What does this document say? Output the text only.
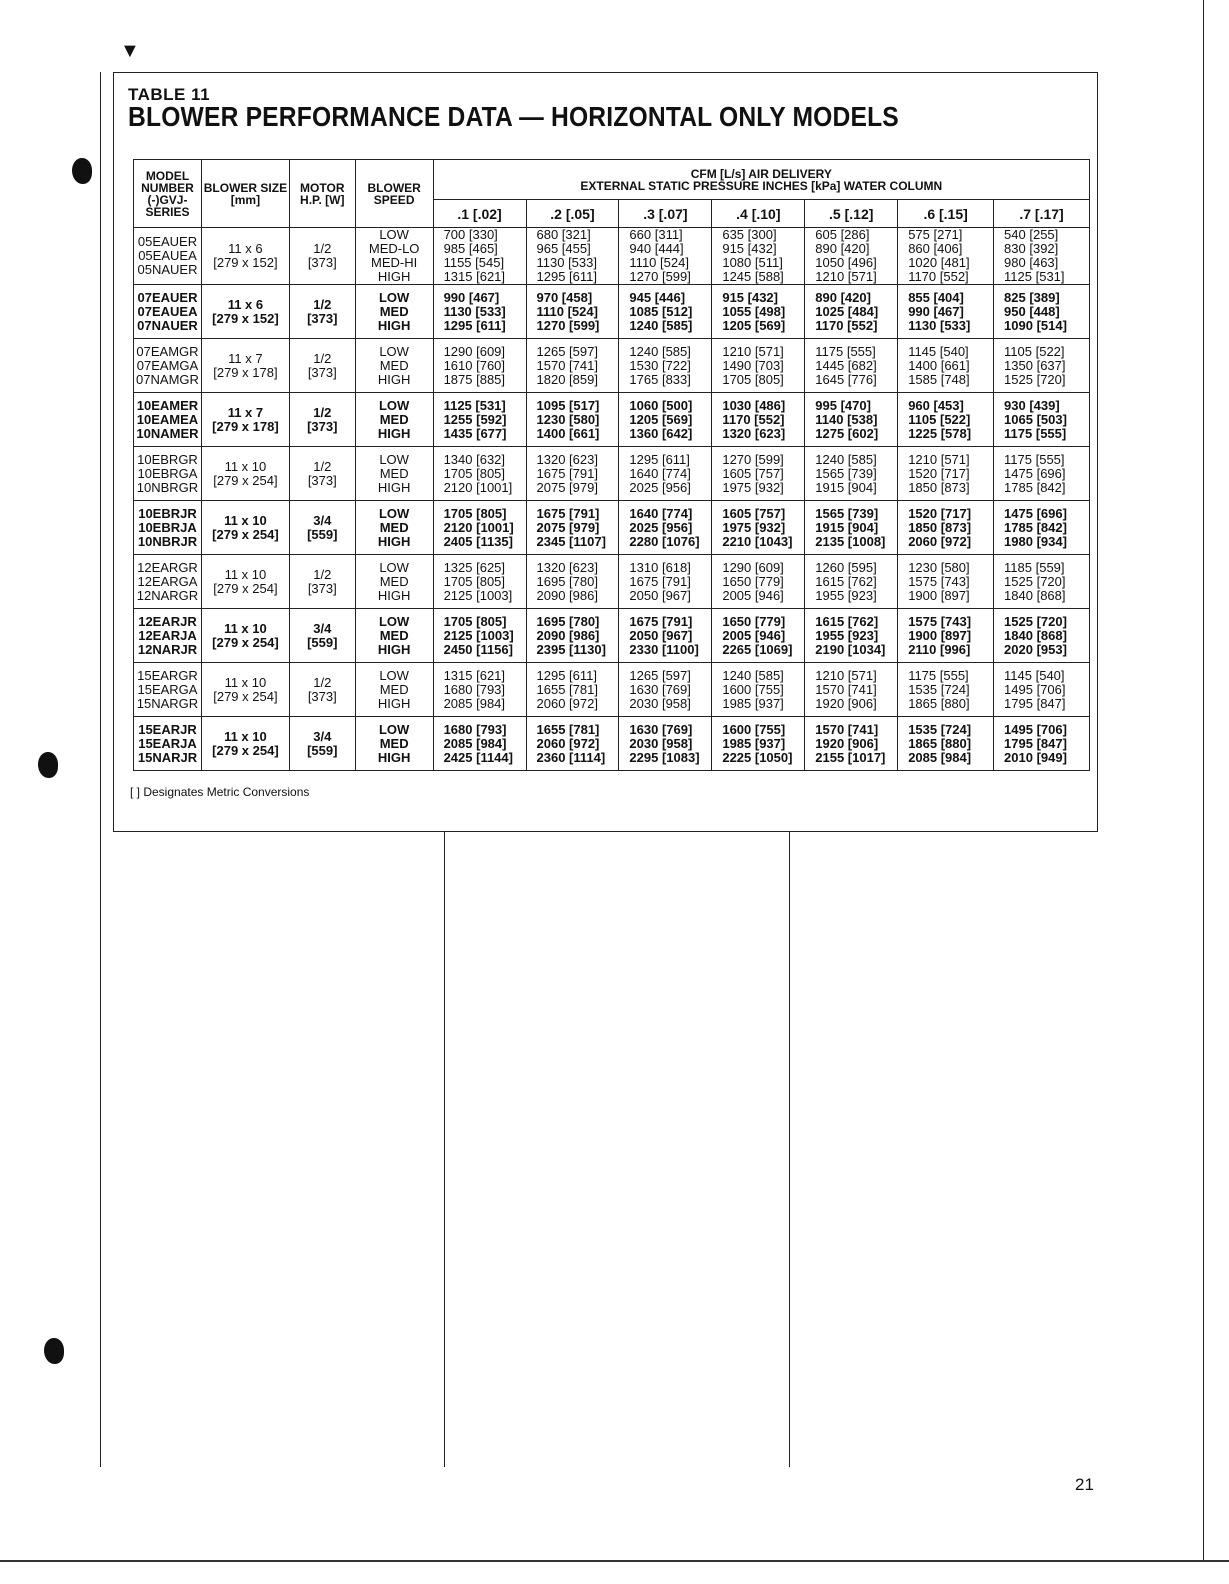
▼
TABLE 11
BLOWER PERFORMANCE DATA — HORIZONTAL ONLY MODELS
MODEL NUMBER (-)GVJ- SERIES	BLOWER SIZE [mm]	MOTOR H.P. [W]	BLOWER SPEED	CFM [L/s] AIR DELIVERY
EXTERNAL STATIC PRESSURE INCHES [kPa] WATER COLUMN						

				.1 [.02]	.2 [.05]	.3 [.07]	.4 [.10]	.5 [.12]	.6 [.15]	.7 [.17]

05EAUER
05EAUEA
05NAUER	11 x 6
[279 x 152]	1/2
[373]	LOW
MED-LO
MED-HI
HIGH	700 [330]
985 [465]
1155 [545]
1315 [621]	680 [321]
965 [455]
1130 [533]
1295 [611]	660 [311]
940 [444]
1110 [524]
1270 [599]	635 [300]
915 [432]
1080 [511]
1245 [588]	605 [286]
890 [420]
1050 [496]
1210 [571]	575 [271]
860 [406]
1020 [481]
1170 [552]	540 [255]
830 [392]
980 [463]
1125 [531]

07EAUER
07EAUEA
07NAUER	11 x 6
[279 x 152]	1/2
[373]	LOW
MED
HIGH	990 [467]
1130 [533]
1295 [611]	970 [458]
1110 [524]
1270 [599]	945 [446]
1085 [512]
1240 [585]	915 [432]
1055 [498]
1205 [569]	890 [420]
1025 [484]
1170 [552]	855 [404]
990 [467]
1130 [533]	825 [389]
950 [448]
1090 [514]

07EAMGR
07EAMGA
07NAMGR	11 x 7
[279 x 178]	1/2
[373]	LOW
MED
HIGH	1290 [609]
1610 [760]
1875 [885]	1265 [597]
1570 [741]
1820 [859]	1240 [585]
1530 [722]
1765 [833]	1210 [571]
1490 [703]
1705 [805]	1175 [555]
1445 [682]
1645 [776]	1145 [540]
1400 [661]
1585 [748]	1105 [522]
1350 [637]
1525 [720]

10EAMER
10EAMEA
10NAMER	11 x 7
[279 x 178]	1/2
[373]	LOW
MED
HIGH	1125 [531]
1255 [592]
1435 [677]	1095 [517]
1230 [580]
1400 [661]	1060 [500]
1205 [569]
1360 [642]	1030 [486]
1170 [552]
1320 [623]	995 [470]
1140 [538]
1275 [602]	960 [453]
1105 [522]
1225 [578]	930 [439]
1065 [503]
1175 [555]

10EBRGR
10EBRGA
10NBRGR	11 x 10
[279 x 254]	1/2
[373]	LOW
MED
HIGH	1340 [632]
1705 [805]
2120 [1001]	1320 [623]
1675 [791]
2075 [979]	1295 [611]
1640 [774]
2025 [956]	1270 [599]
1605 [757]
1975 [932]	1240 [585]
1565 [739]
1915 [904]	1210 [571]
1520 [717]
1850 [873]	1175 [555]
1475 [696]
1785 [842]

10EBRJR
10EBRJA
10NBRJR	11 x 10
[279 x 254]	3/4
[559]	LOW
MED
HIGH	1705 [805]
2120 [1001]
2405 [1135]	1675 [791]
2075 [979]
2345 [1107]	1640 [774]
2025 [956]
2280 [1076]	1605 [757]
1975 [932]
2210 [1043]	1565 [739]
1915 [904]
2135 [1008]	1520 [717]
1850 [873]
2060 [972]	1475 [696]
1785 [842]
1980 [934]

12EARGR
12EARGA
12NARGR	11 x 10
[279 x 254]	1/2
[373]	LOW
MED
HIGH	1325 [625]
1705 [805]
2125 [1003]	1320 [623]
1695 [780]
2090 [986]	1310 [618]
1675 [791]
2050 [967]	1290 [609]
1650 [779]
2005 [946]	1260 [595]
1615 [762]
1955 [923]	1230 [580]
1575 [743]
1900 [897]	1185 [559]
1525 [720]
1840 [868]

12EARJR
12EARJA
12NARJR	11 x 10
[279 x 254]	3/4
[559]	LOW
MED
HIGH	1705 [805]
2125 [1003]
2450 [1156]	1695 [780]
2090 [986]
2395 [1130]	1675 [791]
2050 [967]
2330 [1100]	1650 [779]
2005 [946]
2265 [1069]	1615 [762]
1955 [923]
2190 [1034]	1575 [743]
1900 [897]
2110 [996]	1525 [720]
1840 [868]
2020 [953]

15EARGR
15EARGA
15NARGR	11 x 10
[279 x 254]	1/2
[373]	LOW
MED
HIGH	1315 [621]
1680 [793]
2085 [984]	1295 [611]
1655 [781]
2060 [972]	1265 [597]
1630 [769]
2030 [958]	1240 [585]
1600 [755]
1985 [937]	1210 [571]
1570 [741]
1920 [906]	1175 [555]
1535 [724]
1865 [880]	1145 [540]
1495 [706]
1795 [847]

15EARJR
15EARJA
15NARJR	11 x 10
[279 x 254]	3/4
[559]	LOW
MED
HIGH	1680 [793]
2085 [984]
2425 [1144]	1655 [781]
2060 [972]
2360 [1114]	1630 [769]
2030 [958]
2295 [1083]	1600 [755]
1985 [937]
2225 [1050]	1570 [741]
1920 [906]
2155 [1017]	1535 [724]
1865 [880]
2085 [984]	1495 [706]
1795 [847]
2010 [949]
[ ] Designates Metric Conversions
21
